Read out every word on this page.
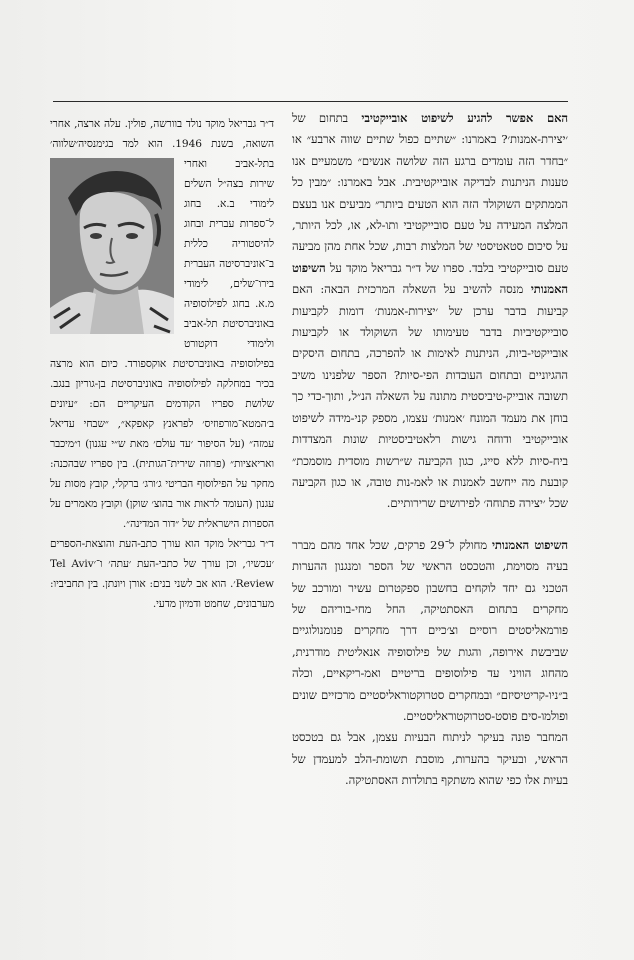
האם אפשר להגיע לשיפוט אובייקטיבי בתחום של ׳יצירת-אמנות׳? באמרנו: ״שתיים כפול שתיים שווה ארבע״ או ״בחדר הזה עומדים ברגע הזה שלושה אנשים״ משמעיים אנו טענות הניתנות לבדיקה אובייקטיבית. אבל באמרנו: ״מבין כל הממתקים השוקולד הזה הוא הטעים ביותר״ מביעים אנו בעצם המלצה המעידה על טעם סובייקטיבי ותו-לא, או, לכל היותר, על סיכום סטאטיסטי של המלצות רבות, שכל אחת מהן מביעה טעם סובייקטיבי בלבד. ספרו של ד״ר גבריאל מוקד על השיפוט האמנותי מנסה להשיב על השאלה המרכזית הבאה: האם קביעות בדבר ערכן של ׳יצירות-אמנות׳ דומות לקביעות סובייקטיביות בדבר טעימותו של השוקולד או לקביעות אובייקטי-ביות, הניתנות לאימות או להפרכה, בתחום היסקים ההגיוניים ובתחום העובדות הפי-סיות? הספר שלפנינו משיב תשובה אובייק-טיביסטית מתונה על השאלה הנ״ל, ותוך-כדי כך בוחן את מעמד המונח ׳אמנות׳ עצמו, מספק קני-מידה לשיפוט אובייקטיבי ודוחה גישות רלאטיביסטיות שונות המצדדות ביח-סיות ללא סייג, כגון הקביעה ש״רשות מוסדית מוסמכת״ קובעת מה ייחשב לאמנות או לאמ-נות טובה, או כגון הקביעה שכל ׳יצירה פתוחה׳ לפירושים שרירותיים.

השיפוט האמנותי מחולק ל־29 פרקים, שכל אחד מהם מברר בעיה מסוימת, והטכסט הראשי של הספר ומנגנון ההערות הטכני גם יחד לוקחים בחשבון ספקטרום עשיר ומורכב של מחקרים בתחום האסתטיקה, החל מחי-בוריהם של פורמאליסטים רוסיים וצ׳כיים דרך מחקרים פנומנולוגיים שביבשת אירופה, והגות של פילוסופיה אנאליטית מודרנית, מהחוג הוויני עד פילוסופים בריטיים ואמ-ריקאיים, וכלה ב״ניו-קריטיסיזם״ ובמחקרים סטרוקטוראליסטיים מרכזיים שונים ופולמו-סים פוסט-סטרוקטוראליסטיים.

המחבר פונה בעיקר לניתוח הבעיות עצמן, אבל גם בטכסט הראשי, ובעיקר בהערות, מוסבת תשומת-הלב למעמדן של בעיות אלו כפי שהוא משתקף בתולדות האסתטיקה.

ד״ר גבריאל מוקד נולד בוורשה, פולין. עלה ארצה, אחרי השואה, בשנת 1946. הוא למד בגימנסיה
׳שלווה׳ בתל-אביב ואחרי שירות בצה״ל השלים לימודי ב.א. בחוג ל־ספרות עברית ובחוג להיסטוריה כללית ב־אוניברסיטה העברית בירו־שלים, לימודי מ.א. בחוג לפילוסופיה באוניברסיטת תל-אביב ולימודי דוקטורט בפילוסופיה באוניברסיטת אוקספורד. כיום הוא מרצה בכיר במחלקה לפילוסופיה באוניברסיטת בן-גוריון בנגב. שלושת ספריו הקודמים העיקריים הם: ״עיונים ב׳המטא־מורפוזיס׳ לפראנץ קאפקא״, ״שבחי עדיאל עמזה״ (על הסיפור ׳עד עולם׳ מאת ש״י עגנון) ו״מיכבר ואריאציות״ (פרוזה שירית־הגותית). בין ספריו שבהכנה: מחקר על הפילוסוף הבריטי ג׳ורג׳ ברקלי, קובץ מסות על עגנון (העומד לראות אור בהוצ׳ שוקן) וקובץ מאמרים על הספרות הישראלית של ״דור המדינה״.

ד״ר גבריאל מוקד הוא עורך כתב-העת והוצאת-הספרים ׳עכשיו׳, וכן עורך של כתבי-העת ׳עתה׳ ו־׳Tel Aviv Review׳. הוא אב לשני בנים: אורן ויונתן. בין תחביביו: מערבונים, שחמט ודמיון מדעי.
